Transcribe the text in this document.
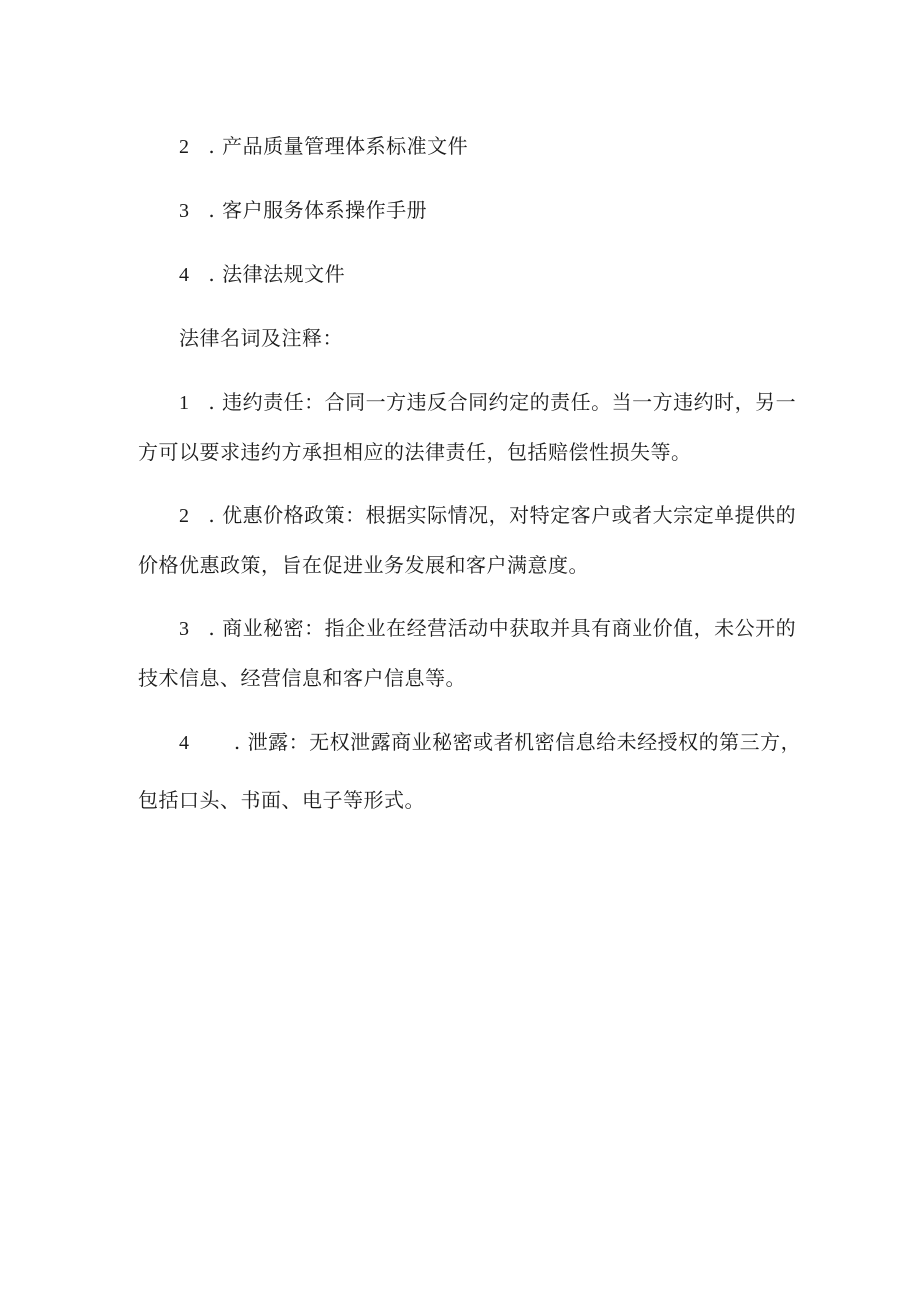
2 . 产品质量管理体系标准文件
3 . 客户服务体系操作手册
4 . 法律法规文件
法律名词及注释：
1 . 违约责任：合同一方违反合同约定的责任。当一方违约时，另一
方可以要求违约方承担相应的法律责任，包括赔偿性损失等。
2 . 优惠价格政策：根据实际情况，对特定客户或者大宗定单提供的
价格优惠政策，旨在促进业务发展和客户满意度。
3 . 商业秘密：指企业在经营活动中获取并具有商业价值，未公开的
技术信息、经营信息和客户信息等。
4 . 泄露：无权泄露商业秘密或者机密信息给未经授权的第三方，
包括口头、书面、电子等形式。
